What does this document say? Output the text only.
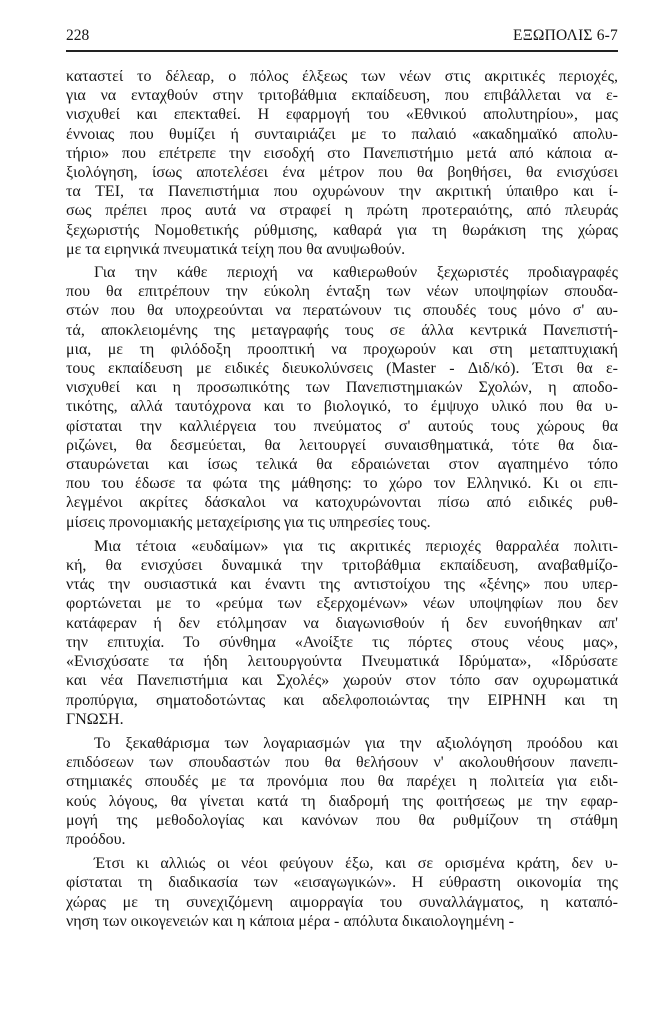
228	ΕΞΩΠΟΛΙΣ 6-7
καταστεί το δέλεαρ, ο πόλος έλξεως των νέων στις ακριτικές περιοχές,
για να ενταχθούν στην τριτοβάθμια εκπαίδευση, που επιβάλλεται να ε-
νισχυθεί και επεκταθεί. Η εφαρμογή του «Εθνικού απολυτηρίου», μας
έννοιας που θυμίζει ή συνταιριάζει με το παλαιό «ακαδημαϊκό απολυ-
τήριο» που επέτρεπε την εισοδχή στο Πανεπιστήμιο μετά από κάποια α-
ξιολόγηση, ίσως αποτελέσει ένα μέτρον που θα βοηθήσει, θα ενισχύσει
τα ΤΕΙ, τα Πανεπιστήμια που οχυρώνουν την ακριτική ύπαιθρο και ί-
σως πρέπει προς αυτά να στραφεί η πρώτη προτεραιότης, από πλευράς
ξεχωριστής Νομοθετικής ρύθμισης, καθαρά για τη θωράκιση της χώρας
με τα ειρηνικά πνευματικά τείχη που θα ανυψωθούν.
Για την κάθε περιοχή να καθιερωθούν ξεχωριστές προδιαγραφές
που θα επιτρέπουν την εύκολη ένταξη των νέων υποψηφίων σπουδα-
στών που θα υποχρεούνται να περατώνουν τις σπουδές τους μόνο σ' αυ-
τά, αποκλειομένης της μεταγραφής τους σε άλλα κεντρικά Πανεπιστή-
μια, με τη φιλόδοξη προοπτική να προχωρούν και στη μεταπτυχιακή
τους εκπαίδευση με ειδικές διευκολύνσεις (Master - Διδ/κό). Έτσι θα ε-
νισχυθεί και η προσωπικότης των Πανεπιστημιακών Σχολών, η αποδο-
τικότης, αλλά ταυτόχρονα και το βιολογικό, το έμψυχο υλικό που θα υ-
φίσταται την καλλιέργεια του πνεύματος σ' αυτούς τους χώρους θα
ριζώνει, θα δεσμεύεται, θα λειτουργεί συναισθηματικά, τότε θα δια-
σταυρώνεται και ίσως τελικά θα εδραιώνεται στον αγαπημένο τόπο
που του έδωσε τα φώτα της μάθησης: το χώρο τον Ελληνικό. Κι οι επι-
λεγμένοι ακρίτες δάσκαλοι να κατοχυρώνονται πίσω από ειδικές ρυθ-
μίσεις προνομιακής μεταχείρισης για τις υπηρεσίες τους.
Μια τέτοια «ευδαίμων» για τις ακριτικές περιοχές θαρραλέα πολιτι-
κή, θα ενισχύσει δυναμικά την τριτοβάθμια εκπαίδευση, αναβαθμίζο-
ντάς την ουσιαστικά και έναντι της αντιστοίχου της «ξένης» που υπερ-
φορτώνεται με το «ρεύμα των εξερχομένων» νέων υποψηφίων που δεν
κατάφεραν ή δεν ετόλμησαν να διαγωνισθούν ή δεν ευνοήθηκαν απ'
την επιτυχία. Το σύνθημα «Ανοίξτε τις πόρτες στους νέους μας»,
«Ενισχύσατε τα ήδη λειτουργούντα Πνευματικά Ιδρύματα», «Ιδρύσατε
και νέα Πανεπιστήμια και Σχολές» χωρούν στον τόπο σαν οχυρωματικά
προπύργια, σηματοδοτώντας και αδελφοποιώντας την ΕΙΡΗΝΗ και τη
ΓΝΩΣΗ.
Το ξεκαθάρισμα των λογαριασμών για την αξιολόγηση προόδου και
επιδόσεων των σπουδαστών που θα θελήσουν ν' ακολουθήσουν πανεπι-
στημιακές σπουδές με τα προνόμια που θα παρέχει η πολιτεία για ειδι-
κούς λόγους, θα γίνεται κατά τη διαδρομή της φοιτήσεως με την εφαρ-
μογή της μεθοδολογίας και κανόνων που θα ρυθμίζουν τη στάθμη
προόδου.
Έτσι κι αλλιώς οι νέοι φεύγουν έξω, και σε ορισμένα κράτη, δεν υ-
φίσταται τη διαδικασία των «εισαγωγικών». Η εύθραστη οικονομία της
χώρας με τη συνεχιζόμενη αιμορραγία του συναλλάγματος, η καταπό-
νηση των οικογενειών και η κάποια μέρα - απόλυτα δικαιολογημένη -
